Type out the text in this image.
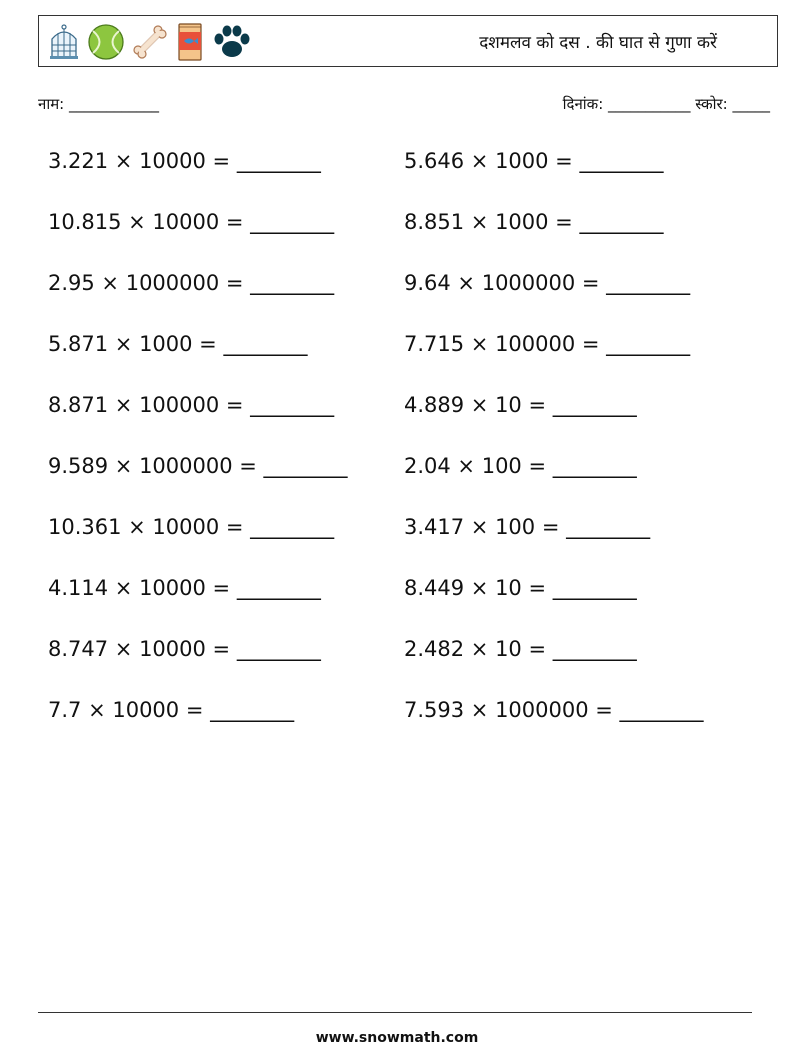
दशमलव को दस . की घात से गुणा करें
नाम: ____________	दिनांक: ___________ स्कोर: _____
3.221 × 10000 = ________
10.815 × 10000 = ________
2.95 × 1000000 = ________
5.871 × 1000 = ________
8.871 × 100000 = ________
9.589 × 1000000 = ________
10.361 × 10000 = ________
4.114 × 10000 = ________
8.747 × 10000 = ________
7.7 × 10000 = ________
5.646 × 1000 = ________
8.851 × 1000 = ________
9.64 × 1000000 = ________
7.715 × 100000 = ________
4.889 × 10 = ________
2.04 × 100 = ________
3.417 × 100 = ________
8.449 × 10 = ________
2.482 × 10 = ________
7.593 × 1000000 = ________
www.snowmath.com
